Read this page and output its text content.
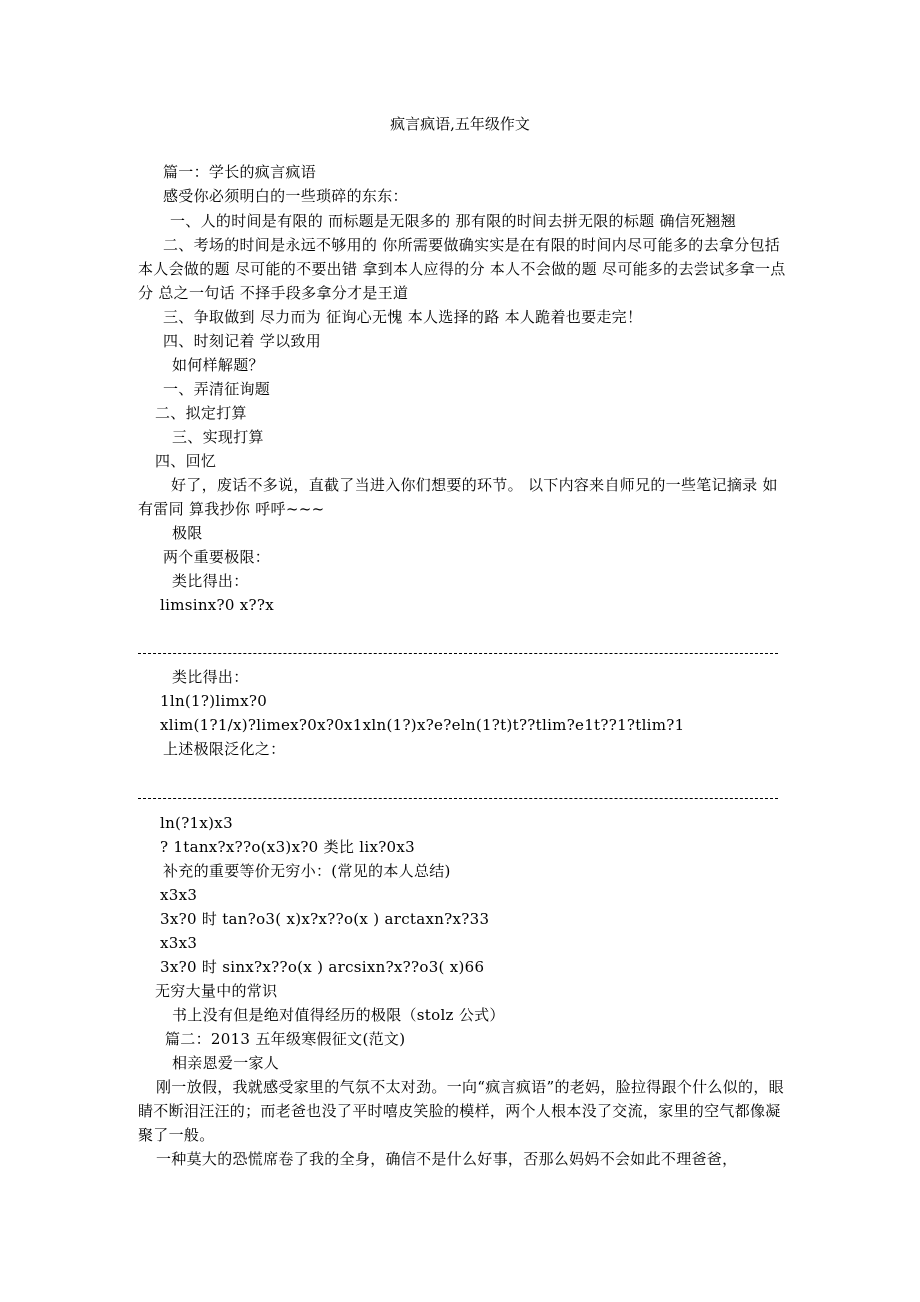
疯言疯语,五年级作文
篇一：学长的疯言疯语
感受你必须明白的一些琐碎的东东：
一、人的时间是有限的 而标题是无限多的 那有限的时间去拼无限的标题 确信死翘翘
二、考场的时间是永远不够用的 你所需要做确实实是在有限的时间内尽可能多的去拿分包括本人会做的题 尽可能的不要出错 拿到本人应得的分 本人不会做的题 尽可能多的去尝试多拿一点分 总之一句话 不择手段多拿分才是王道
三、争取做到 尽力而为 征询心无愧 本人选择的路 本人跪着也要走完！
四、时刻记着 学以致用
如何样解题？
一、弄清征询题
二、拟定打算
三、实现打算
四、回忆
好了，废话不多说，直截了当进入你们想要的环节。 以下内容来自师兄的一些笔记摘录 如有雷同 算我抄你 呼呼~~~
极限
两个重要极限：
类比得出：
limsinx?0 x??x
类比得出：
1ln(1?)limx?0
xlim(1?1/x)?limex?0x?0x1xln(1?)x?e?eln(1?t)t??tlim?e1t??1?tlim?1
上述极限泛化之：
ln(?1x)x3
? 1tanx?x??o(x3)x?0 类比 lix?0x3
补充的重要等价无穷小：(常见的本人总结)
x3x3
3x?0 时 tan?o3( x)x?x??o(x ) arctaxn?x?33
x3x3
3x?0 时 sinx?x??o(x ) arcsixn?x??o3( x)66
无穷大量中的常识
书上没有但是绝对值得经历的极限（stolz 公式）
篇二：2013 五年级寒假征文(范文)
相亲恩爱一家人
刚一放假，我就感受家里的气氛不太对劲。一向“疯言疯语”的老妈，脸拉得跟个什么似的，眼睛不断泪汪汪的；而老爸也没了平时嘻皮笑脸的模样，两个人根本没了交流，家里的空气都像凝聚了一般。
一种莫大的恐慌席卷了我的全身，确信不是什么好事，否那么妈妈不会如此不理爸爸，
